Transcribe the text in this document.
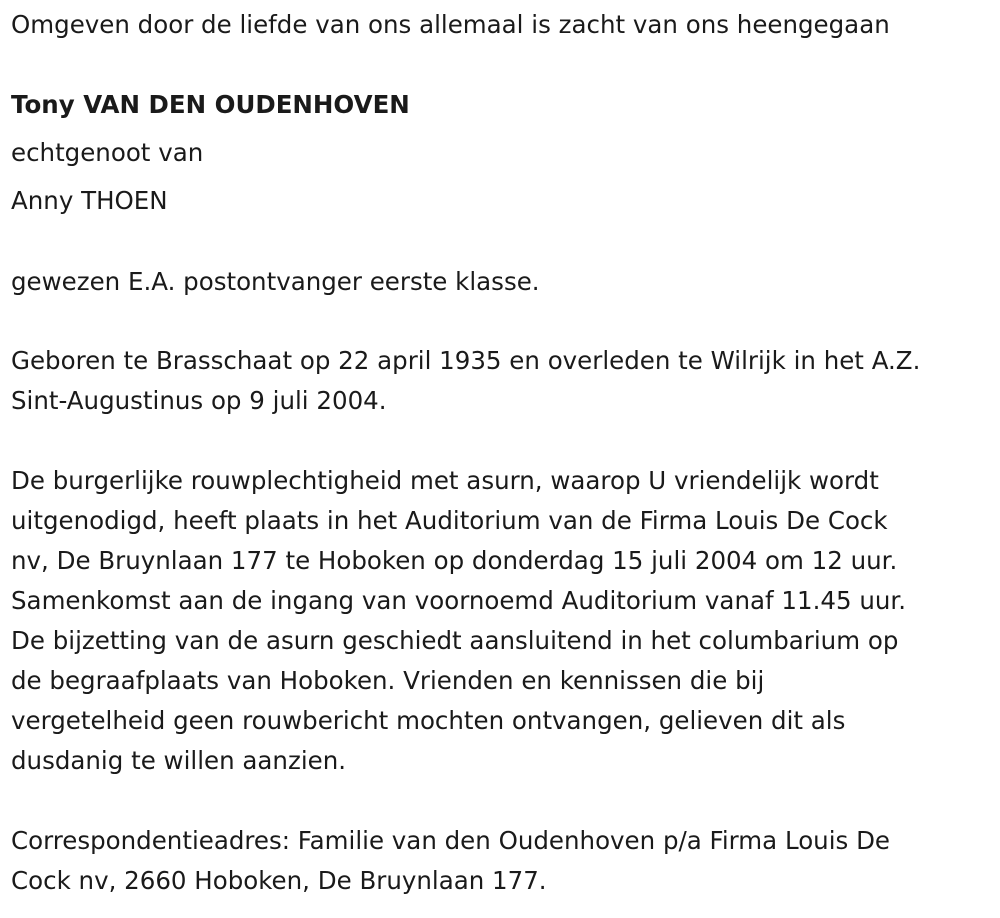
Omgeven door de liefde van ons allemaal is zacht van ons heengegaan

Tony VAN DEN OUDENHOVEN

echtgenoot van

Anny THOEN

gewezen E.A. postontvanger eerste klasse.

Geboren te Brasschaat op 22 april 1935 en overleden te Wilrijk in het A.Z.
Sint-Augustinus op 9 juli 2004.
De burgerlijke rouwplechtigheid met asurn, waarop U vriendelijk wordt
uitgenodigd, heeft plaats in het Auditorium van de Firma Louis De Cock
nv, De Bruynlaan 177 te Hoboken op donderdag 15 juli 2004 om 12 uur.
Samenkomst aan de ingang van voornoemd Auditorium vanaf 11.45 uur.
De bijzetting van de asurn geschiedt aansluitend in het columbarium op
de begraafplaats van Hoboken. Vrienden en kennissen die bij
vergetelheid geen rouwbericht mochten ontvangen, gelieven dit als
dusdanig te willen aanzien.
Correspondentieadres: Familie van den Oudenhoven p/a Firma Louis De
Cock nv, 2660 Hoboken, De Bruynlaan 177.
